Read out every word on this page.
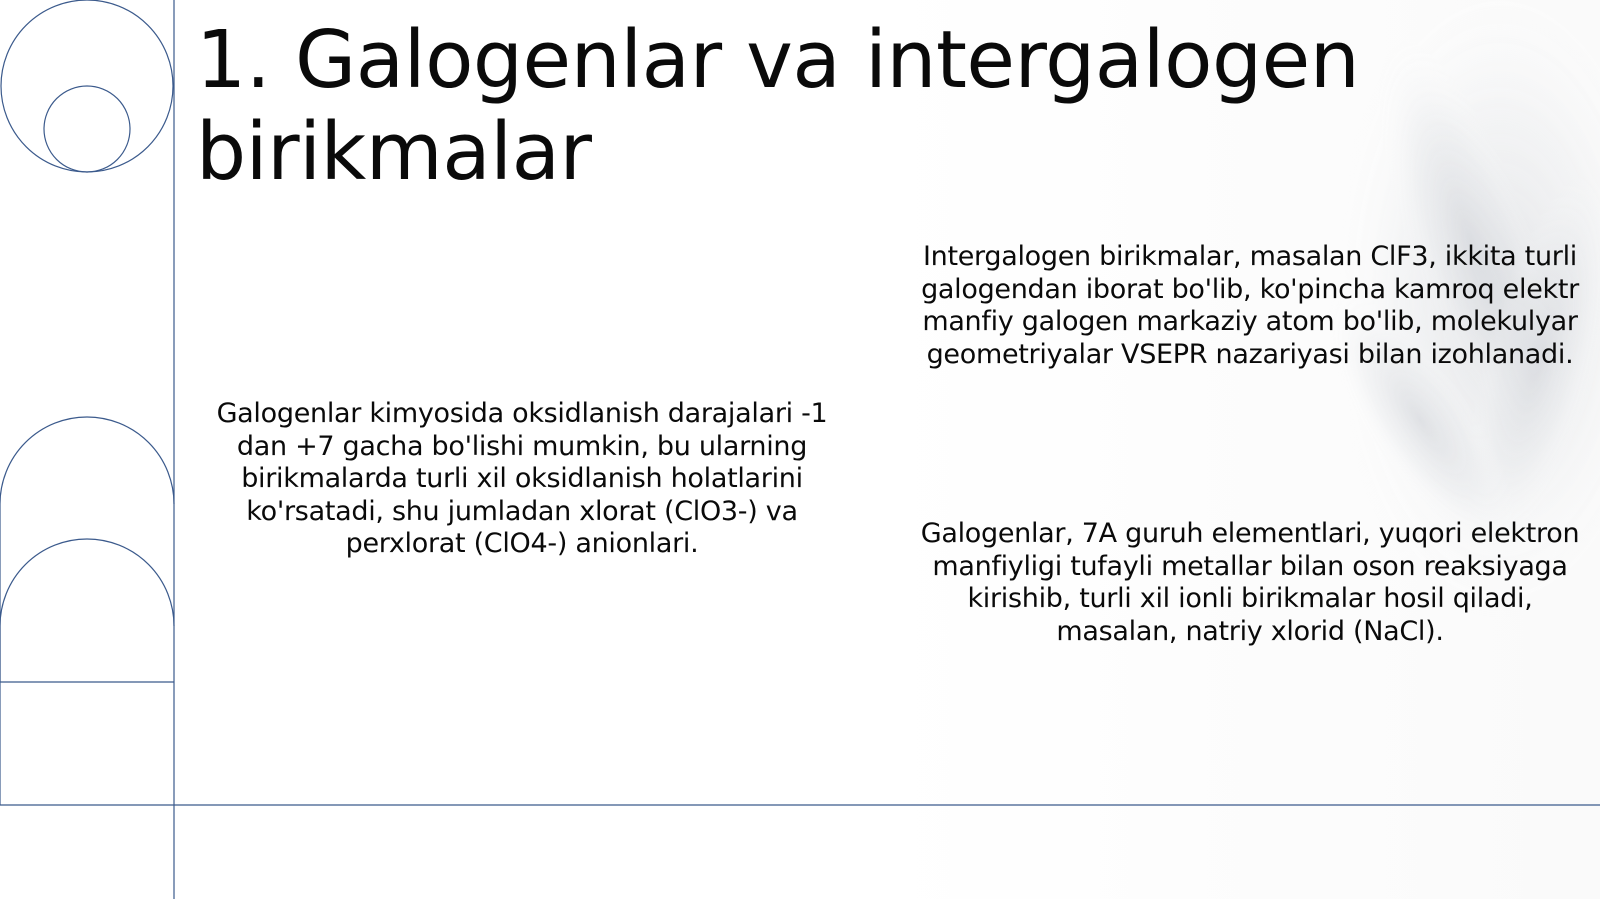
1. Galogenlar va intergalogen birikmalar

Galogenlar kimyosida oksidlanish darajalari -1 dan +7 gacha bo'lishi mumkin, bu ularning birikmalarda turli xil oksidlanish holatlarini ko'rsatadi, shu jumladan xlorat (ClO3-) va perxlorat (ClO4-) anionlari.

Intergalogen birikmalar, masalan ClF3, ikkita turli galogendan iborat bo'lib, ko'pincha kamroq elektr manfiy galogen markaziy atom bo'lib, molekulyar geometriyalar VSEPR nazariyasi bilan izohlanadi.

Galogenlar, 7A guruh elementlari, yuqori elektron manfiyligi tufayli metallar bilan oson reaksiyaga kirishib, turli xil ionli birikmalar hosil qiladi, masalan, natriy xlorid (NaCl).
